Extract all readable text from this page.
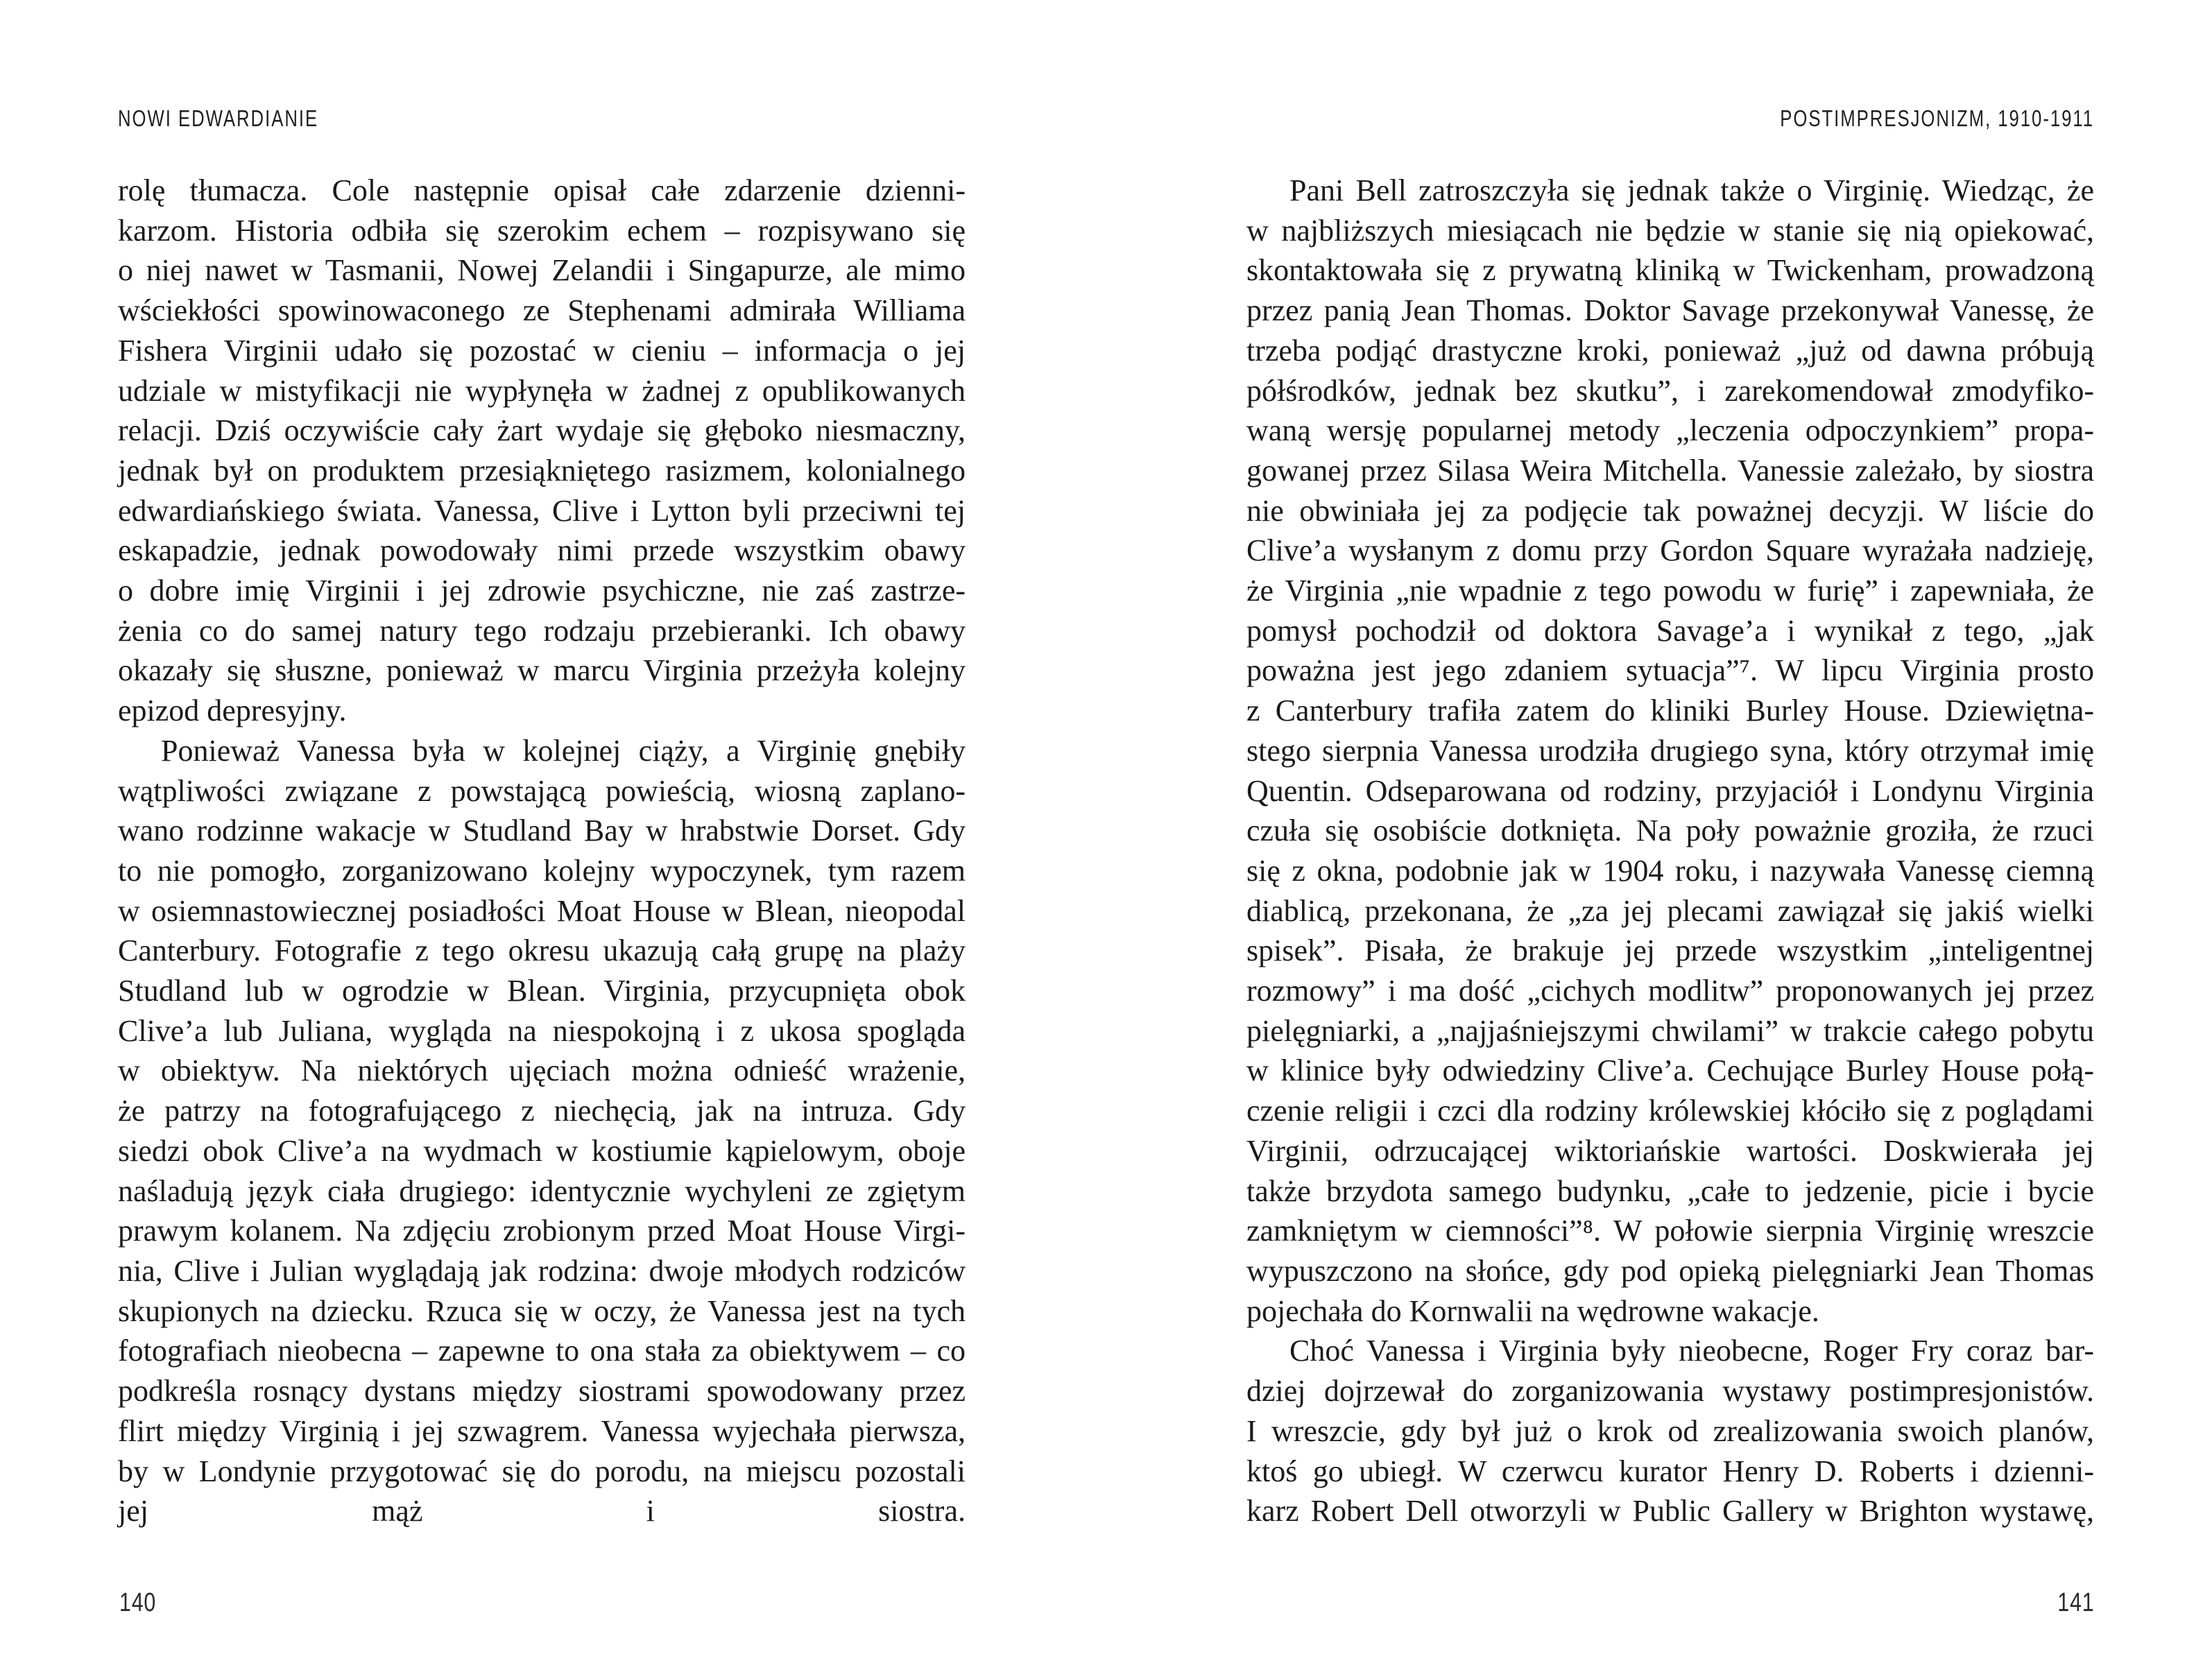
NOWI EDWARDIANIE
rolę tłumacza. Cole następnie opisał całe zdarzenie dzienni-
karzom. Historia odbiła się szerokim echem – rozpisywano się
o niej nawet w Tasmanii, Nowej Zelandii i Singapurze, ale mimo
wściekłości spowinowaconego ze Stephenami admirała Williama
Fishera Virginii udało się pozostać w cieniu – informacja o jej
udziale w mistyfikacji nie wypłynęła w żadnej z opublikowanych
relacji. Dziś oczywiście cały żart wydaje się głęboko niesmaczny,
jednak był on produktem przesiąkniętego rasizmem, kolonialnego
edwardiańskiego świata. Vanessa, Clive i Lytton byli przeciwni tej
eskapadzie, jednak powodowały nimi przede wszystkim obawy
o dobre imię Virginii i jej zdrowie psychiczne, nie zaś zastrze-
żenia co do samej natury tego rodzaju przebieranki. Ich obawy
okazały się słuszne, ponieważ w marcu Virginia przeżyła kolejny
epizod depresyjny.
Ponieważ Vanessa była w kolejnej ciąży, a Virginię gnębiły
wątpliwości związane z powstającą powieścią, wiosną zaplano-
wano rodzinne wakacje w Studland Bay w hrabstwie Dorset. Gdy
to nie pomogło, zorganizowano kolejny wypoczynek, tym razem
w osiemnastowiecznej posiadłości Moat House w Blean, nieopodal
Canterbury. Fotografie z tego okresu ukazują całą grupę na plaży
Studland lub w ogrodzie w Blean. Virginia, przycupnięta obok
Clive’a lub Juliana, wygląda na niespokojną i z ukosa spogląda
w obiektyw. Na niektórych ujęciach można odnieść wrażenie,
że patrzy na fotografującego z niechęcią, jak na intruza. Gdy
siedzi obok Clive’a na wydmach w kostiumie kąpielowym, oboje
naśladują język ciała drugiego: identycznie wychyleni ze zgiętym
prawym kolanem. Na zdjęciu zrobionym przed Moat House Virgi-
nia, Clive i Julian wyglądają jak rodzina: dwoje młodych rodziców
skupionych na dziecku. Rzuca się w oczy, że Vanessa jest na tych
fotografiach nieobecna – zapewne to ona stała za obiektywem – co
podkreśla rosnący dystans między siostrami spowodowany przez
flirt między Virginią i jej szwagrem. Vanessa wyjechała pierwsza,
by w Londynie przygotować się do porodu, na miejscu pozostali
jej mąż i siostra.
POSTIMPRESJONIZM, 1910-1911
Pani Bell zatroszczyła się jednak także o Virginię. Wiedząc, że
w najbliższych miesiącach nie będzie w stanie się nią opiekować,
skontaktowała się z prywatną kliniką w Twickenham, prowadzoną
przez panią Jean Thomas. Doktor Savage przekonywał Vanessę, że
trzeba podjąć drastyczne kroki, ponieważ „już od dawna próbują
półśrodków, jednak bez skutku”, i zarekomendował zmodyfiko-
waną wersję popularnej metody „leczenia odpoczynkiem” propa-
gowanej przez Silasa Weira Mitchella. Vanessie zależało, by siostra
nie obwiniała jej za podjęcie tak poważnej decyzji. W liście do
Clive’a wysłanym z domu przy Gordon Square wyrażała nadzieję,
że Virginia „nie wpadnie z tego powodu w furię” i zapewniała, że
pomysł pochodził od doktora Savage’a i wynikał z tego, „jak
poważna jest jego zdaniem sytuacja”⁷. W lipcu Virginia prosto
z Canterbury trafiła zatem do kliniki Burley House. Dziewiętna-
stego sierpnia Vanessa urodziła drugiego syna, który otrzymał imię
Quentin. Odseparowana od rodziny, przyjaciół i Londynu Virginia
czuła się osobiście dotknięta. Na poły poważnie groziła, że rzuci
się z okna, podobnie jak w 1904 roku, i nazywała Vanessę ciemną
diablicą, przekonana, że „za jej plecami zawiązał się jakiś wielki
spisek”. Pisała, że brakuje jej przede wszystkim „inteligentnej
rozmowy” i ma dość „cichych modlitw” proponowanych jej przez
pielęgniarki, a „najjaśniejszymi chwilami” w trakcie całego pobytu
w klinice były odwiedziny Clive’a. Cechujące Burley House połą-
czenie religii i czci dla rodziny królewskiej kłóciło się z poglądami
Virginii, odrzucającej wiktoriańskie wartości. Doskwierała jej
także brzydota samego budynku, „całe to jedzenie, picie i bycie
zamkniętym w ciemności”⁸. W połowie sierpnia Virginię wreszcie
wypuszczono na słońce, gdy pod opieką pielęgniarki Jean Thomas
pojechała do Kornwalii na wędrowne wakacje.
Choć Vanessa i Virginia były nieobecne, Roger Fry coraz bar-
dziej dojrzewał do zorganizowania wystawy postimpresjonistów.
I wreszcie, gdy był już o krok od zrealizowania swoich planów,
ktoś go ubiegł. W czerwcu kurator Henry D. Roberts i dzienni-
karz Robert Dell otworzyli w Public Gallery w Brighton wystawę,
140	141
